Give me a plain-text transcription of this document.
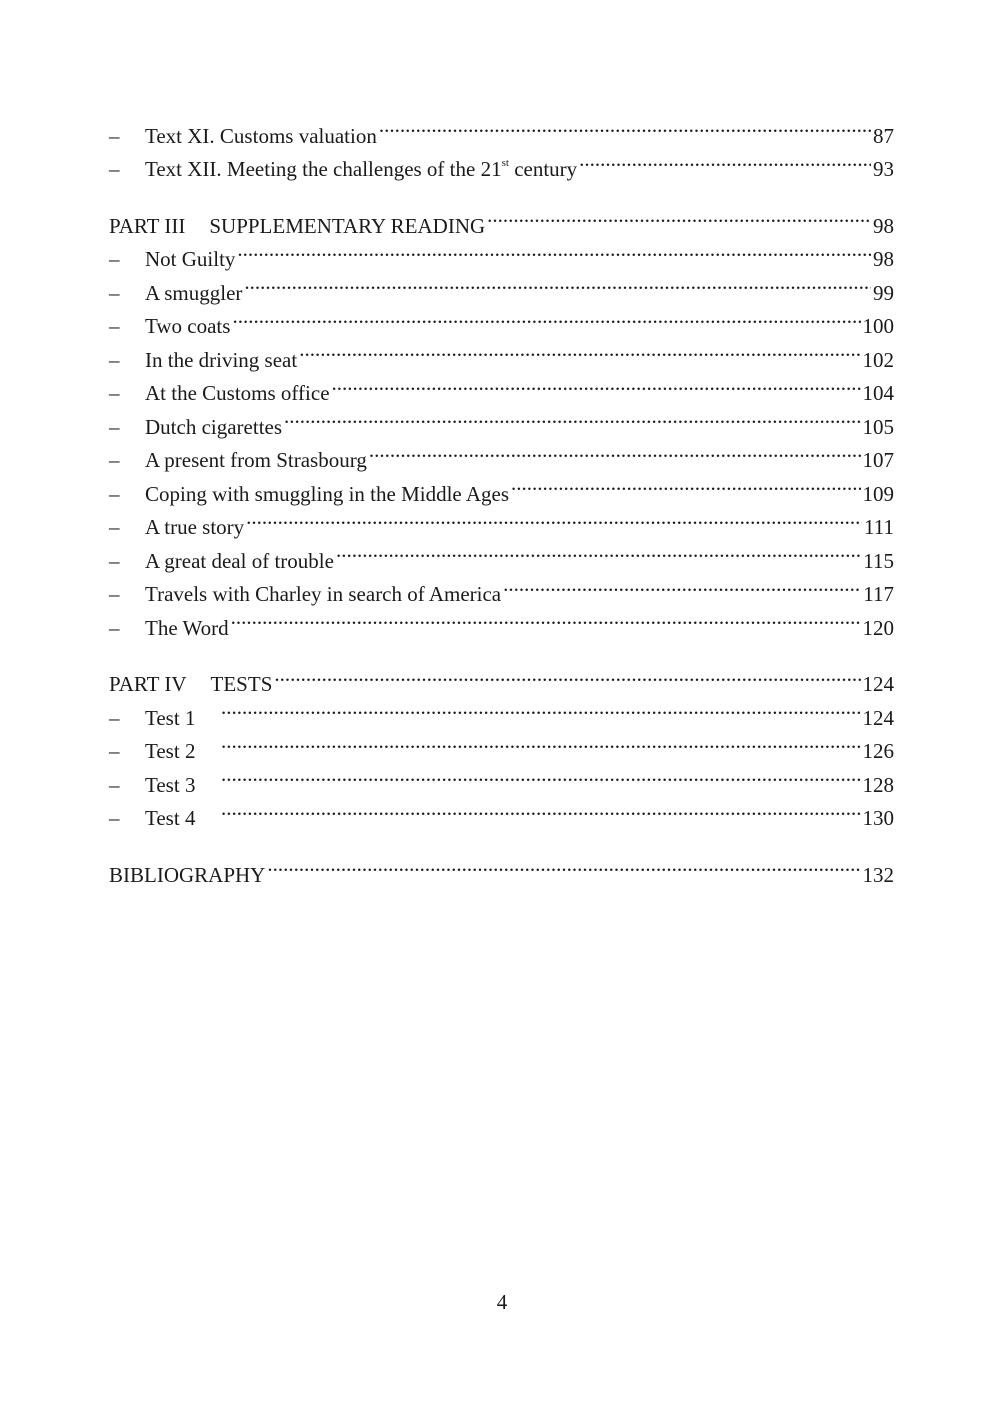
–	Text XI. Customs valuation .....	87
–	Text XII. Meeting the challenges of the 21st century .....	93
PART III SUPPLEMENTARY READING .....	98
–	Not Guilty .....	98
–	A smuggler .....	99
–	Two coats .....	100
–	In the driving seat .....	102
–	At the Customs office .....	104
–	Dutch cigarettes .....	105
–	A present from Strasbourg .....	107
–	Coping with smuggling in the Middle Ages .....	109
–	A true story .....	111
–	A great deal of trouble .....	115
–	Travels with Charley in search of America .....	117
–	The Word .....	120
PART IV TESTS .....	124
–	Test 1 .....	124
–	Test 2 .....	126
–	Test 3 .....	128
–	Test 4 .....	130
BIBLIOGRAPHY .....	132
4
